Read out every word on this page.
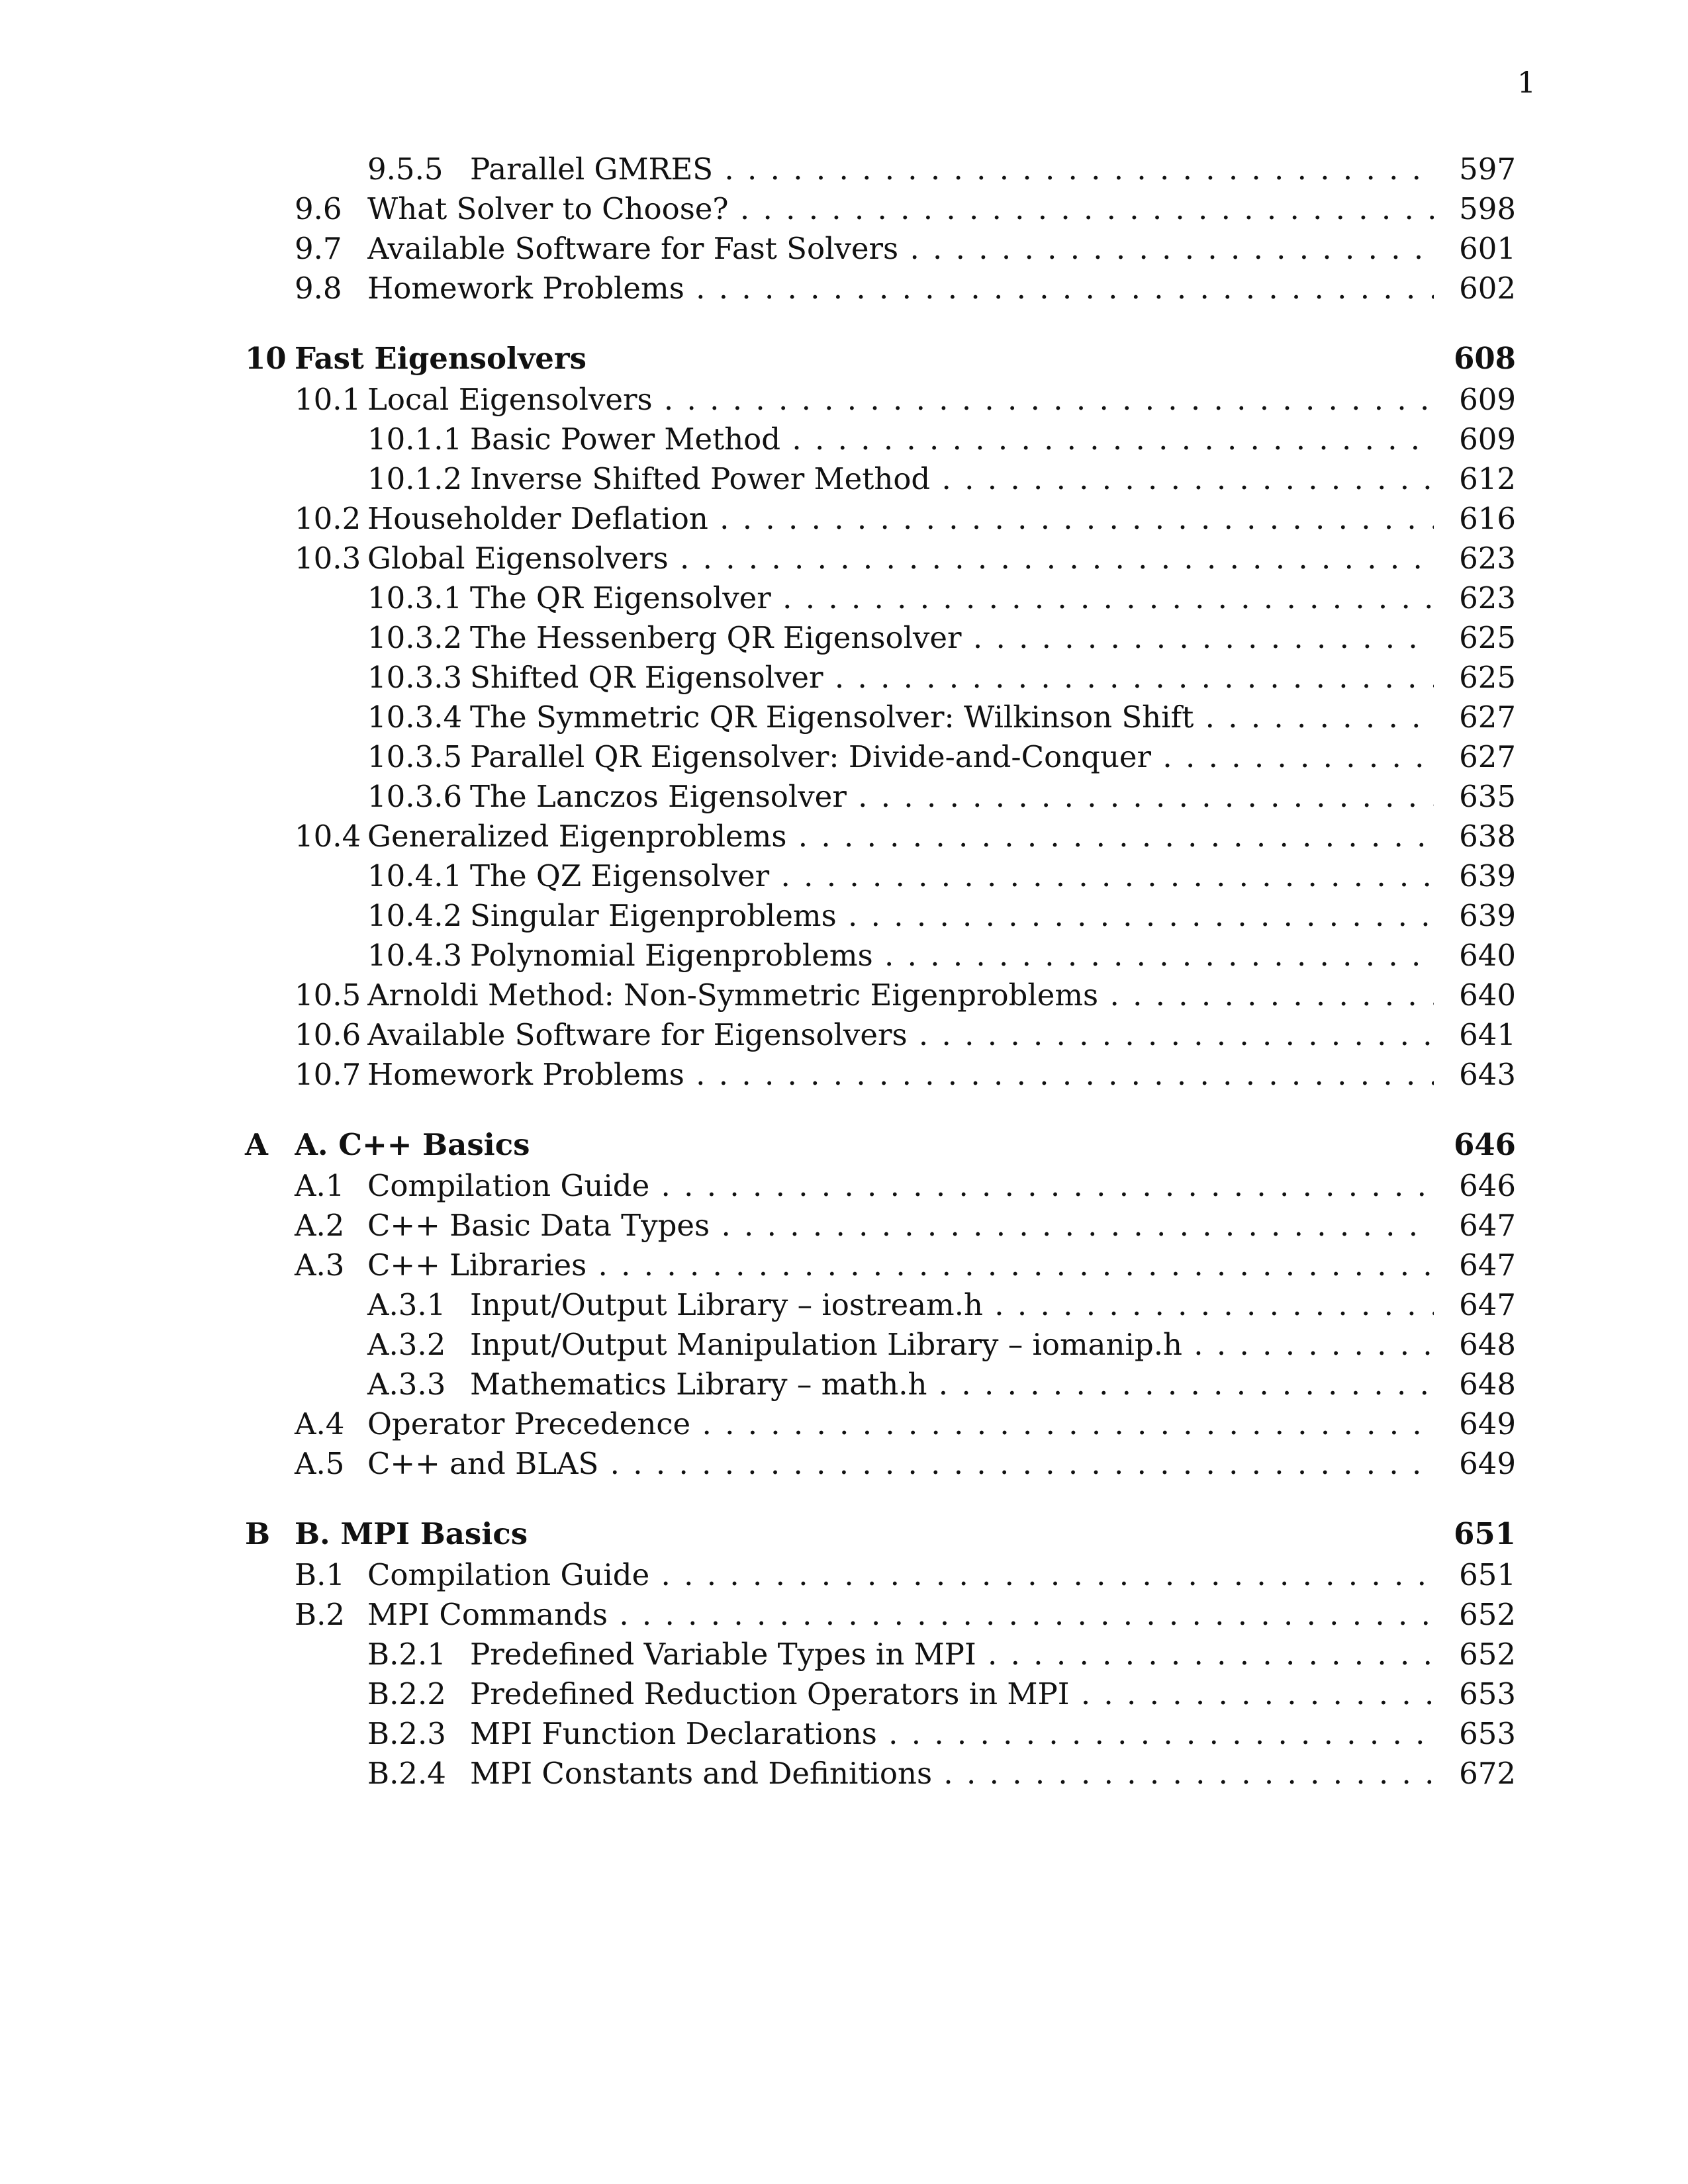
1
9.5.5 Parallel GMRES . . .	597
9.6 What Solver to Choose? . . .	598
9.7 Available Software for Fast Solvers . . .	601
9.8 Homework Problems . . .	602
10 Fast Eigensolvers	608
10.1 Local Eigensolvers . . .	609
10.1.1 Basic Power Method . . .	609
10.1.2 Inverse Shifted Power Method . . .	612
10.2 Householder Deflation . . .	616
10.3 Global Eigensolvers . . .	623
10.3.1 The QR Eigensolver . . .	623
10.3.2 The Hessenberg QR Eigensolver . . .	625
10.3.3 Shifted QR Eigensolver . . .	625
10.3.4 The Symmetric QR Eigensolver: Wilkinson Shift . . .	627
10.3.5 Parallel QR Eigensolver: Divide-and-Conquer . . .	627
10.3.6 The Lanczos Eigensolver . . .	635
10.4 Generalized Eigenproblems . . .	638
10.4.1 The QZ Eigensolver . . .	639
10.4.2 Singular Eigenproblems . . .	639
10.4.3 Polynomial Eigenproblems . . .	640
10.5 Arnoldi Method: Non-Symmetric Eigenproblems . . .	640
10.6 Available Software for Eigensolvers . . .	641
10.7 Homework Problems . . .	643
A A. C++ Basics	646
A.1 Compilation Guide . . .	646
A.2 C++ Basic Data Types . . .	647
A.3 C++ Libraries . . .	647
A.3.1 Input/Output Library – iostream.h . . .	647
A.3.2 Input/Output Manipulation Library – iomanip.h . . .	648
A.3.3 Mathematics Library – math.h . . .	648
A.4 Operator Precedence . . .	649
A.5 C++ and BLAS . . .	649
B B. MPI Basics	651
B.1 Compilation Guide . . .	651
B.2 MPI Commands . . .	652
B.2.1 Predefined Variable Types in MPI . . .	652
B.2.2 Predefined Reduction Operators in MPI . . .	653
B.2.3 MPI Function Declarations . . .	653
B.2.4 MPI Constants and Definitions . . .	672
